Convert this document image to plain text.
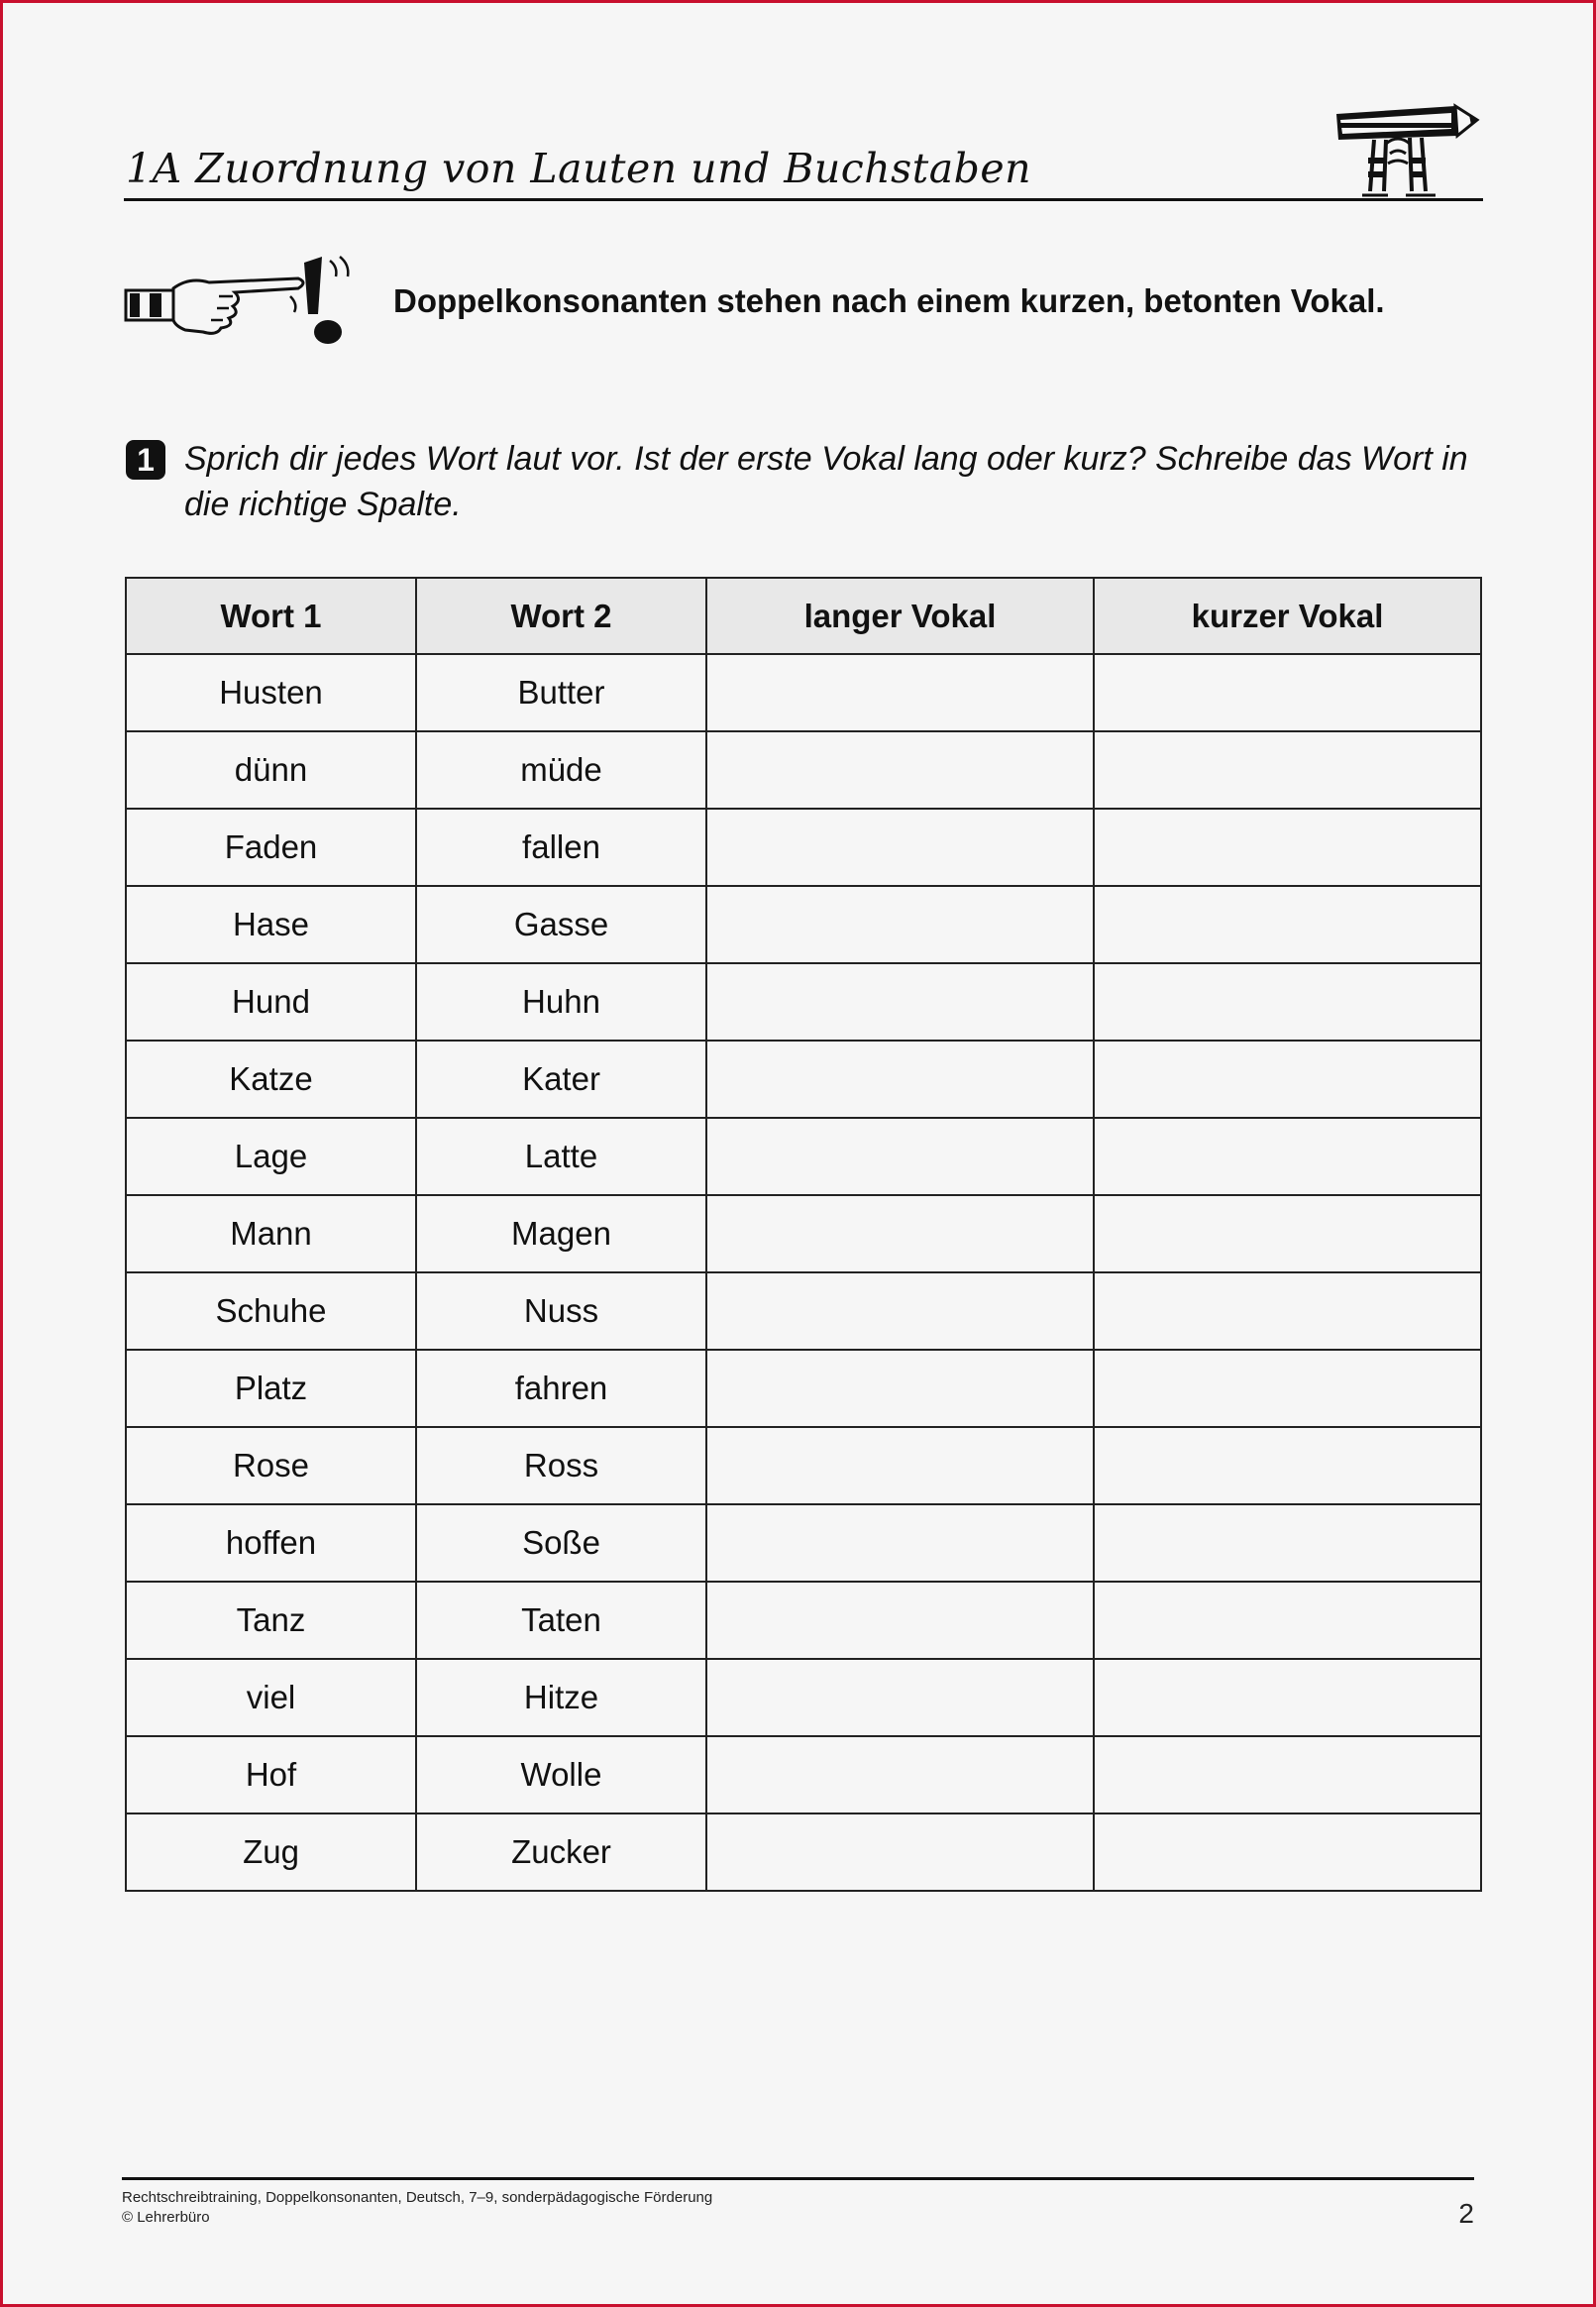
1A Zuordnung von Lauten und Buchstaben
Doppelkonsonanten stehen nach einem kurzen, betonten Vokal.
1 Sprich dir jedes Wort laut vor. Ist der erste Vokal lang oder kurz? Schreibe das Wort in die richtige Spalte.
Wort 1	Wort 2	langer Vokal	kurzer Vokal
Husten	Butter		
dünn	müde		
Faden	fallen		
Hase	Gasse		
Hund	Huhn		
Katze	Kater		
Lage	Latte		
Mann	Magen		
Schuhe	Nuss		
Platz	fahren		
Rose	Ross		
hoffen	Soße		
Tanz	Taten		
viel	Hitze		
Hof	Wolle		
Zug	Zucker		
Rechtschreibtraining, Doppelkonsonanten, Deutsch, 7–9, sonderpädagogische Förderung
© Lehrerbüro	2
